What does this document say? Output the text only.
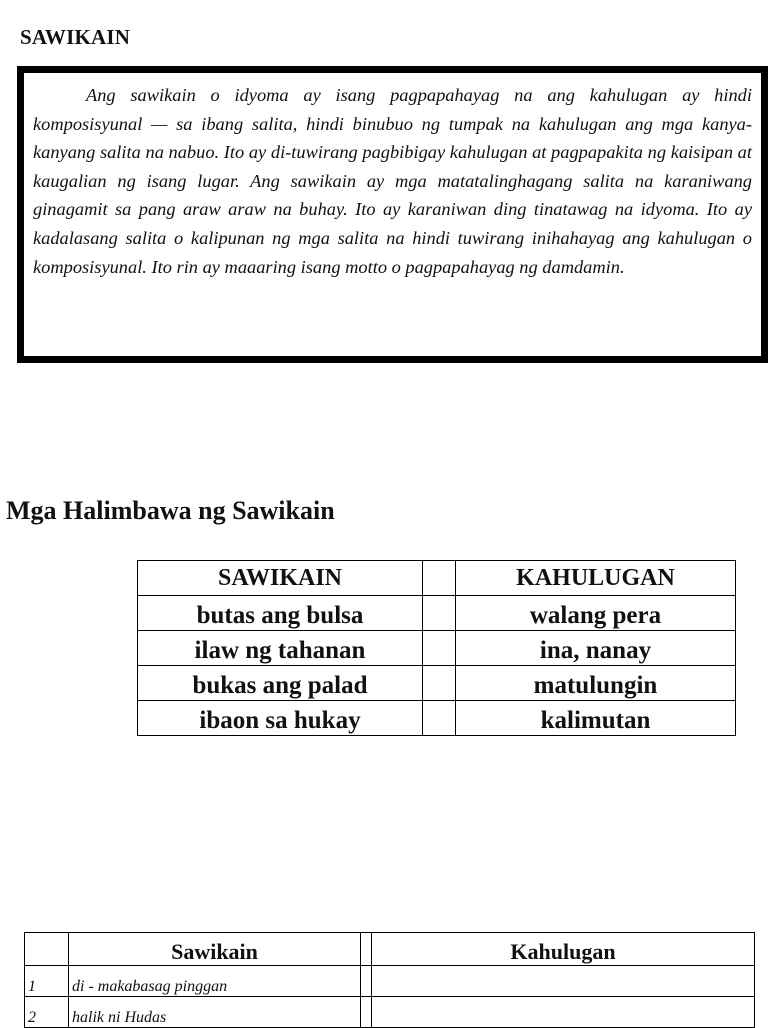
SAWIKAIN

Ang sawikain o idyoma ay isang pagpapahayag na ang kahulugan ay hindi komposisyunal — sa ibang salita, hindi binubuo ng tumpak na kahulugan ang mga kanya-kanyang salita na nabuo. Ito ay di-tuwirang pagbibigay kahulugan at pagpapakita ng kaisipan at kaugalian ng isang lugar. Ang sawikain ay mga matatalinghagang salita na karaniwang ginagamit sa pang araw araw na buhay. Ito ay karaniwan ding tinatawag na idyoma. Ito ay kadalasang salita o kalipunan ng mga salita na hindi tuwirang inihahayag ang kahulugan o komposisyunal. Ito rin ay maaaring isang motto o pagpapahayag ng damdamin.

Mga Halimbawa ng Sawikain
SAWIKAIN		KAHULUGAN
butas ang bulsa		walang pera
ilaw ng tahanan		ina, nanay
bukas ang palad		matulungin
ibaon sa hukay		kalimutan
	Sawikain		Kahulugan
1	di - makabasag pinggan		
2	halik ni Hudas		
